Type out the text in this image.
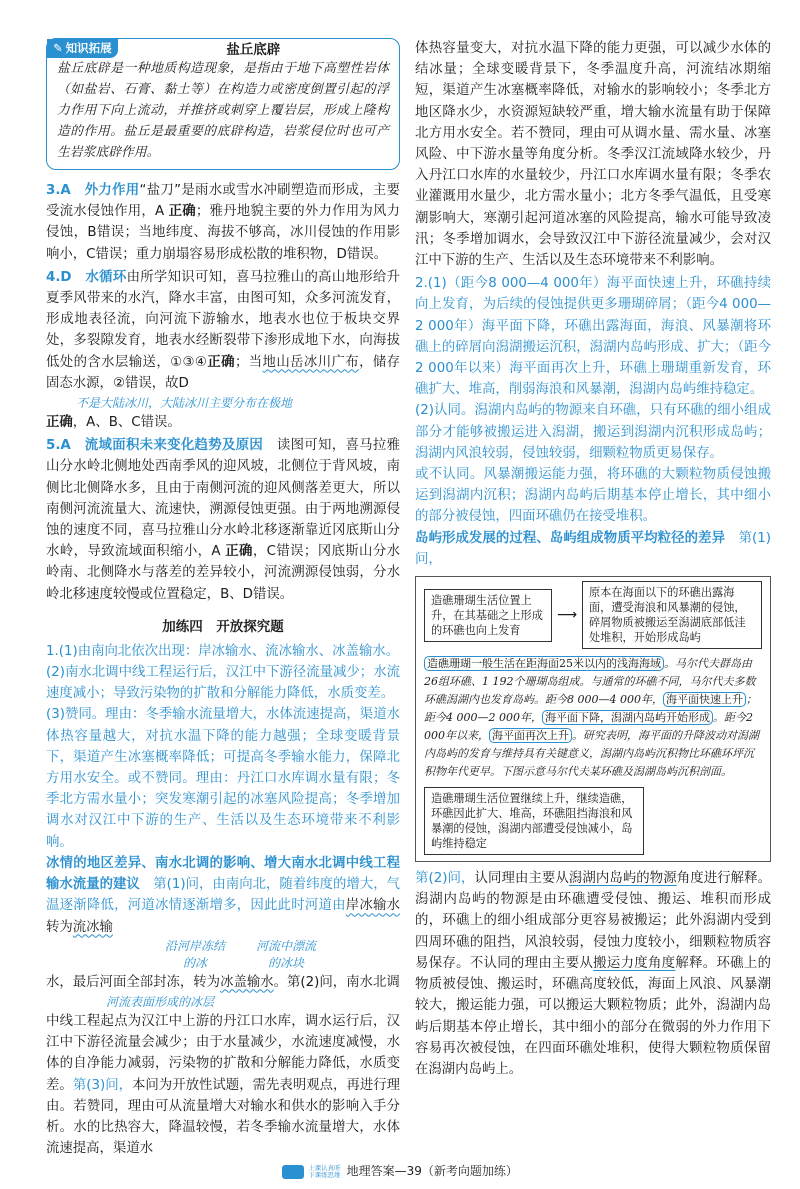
✎ 知识拓展	盐丘底辟

盐丘底辟是一种地质构造现象，是指由于地下高塑性岩体（如盐岩、石膏、黏土等）在构造力或密度倒置引起的浮力作用下向上流动，并推挤或刺穿上覆岩层，形成上隆构造的作用。盐丘是最重要的底辟构造，岩浆侵位时也可产生岩浆底辟作用。

3.A　外力作用“盐刀”是雨水或雪水冲刷塑造而形成，主要受流水侵蚀作用，A 正确；雅丹地貌主要的外力作用为风力侵蚀，B错误；当地纬度、海拔不够高，冰川侵蚀的作用影响小，C错误；重力崩塌容易形成松散的堆积物，D错误。

4.D　水循环由所学知识可知，喜马拉雅山的高山地形给升夏季风带来的水汽，降水丰富，由图可知，众多河流发育，形成地表径流，向河流下游输水，地表水也位于板块交界处，多裂隙发育，地表水经断裂带下渗形成地下水，向海拔低处的含水层输送，①③④正确；当地山岳冰川广布，储存固态水源，②错误，故D

不是大陆冰川，大陆冰川主要分布在极地

正确，A、B、C错误。

5.A　流域面积未来变化趋势及原因　 读图可知，喜马拉雅山分水岭北侧地处西南季风的迎风坡，北侧位于背风坡，南侧比北侧降水多，且由于南侧河流的迎风侧落差更大，所以南侧河流流量大、流速快，溯源侵蚀更强。由于两地溯源侵蚀的速度不同，喜马拉雅山分水岭北移逐渐靠近冈底斯山分水岭，导致流域面积缩小，A 正确，C错误；冈底斯山分水岭南、北侧降水与落差的差异较小，河流溯源侵蚀弱，分水岭北移速度较慢或位置稳定，B、D错误。

加练四　开放探究题

1.(1)由南向北依次出现：岸冰输水、流冰输水、冰盖输水。

(2)南水北调中线工程运行后，汉江中下游径流量减少；水流速度减小；导致污染物的扩散和分解能力降低，水质变差。

(3)赞同。理由：冬季输水流量增大，水体流速提高，渠道水体热容量越大，对抗水温下降的能力越强；全球变暖背景下，渠道产生冰塞概率降低；可提高冬季输水能力，保障北方用水安全。或不赞同。理由：丹江口水库调水量有限；冬季北方需水量小；突发寒潮引起的冰塞风险提高；冬季增加调水对汉江中下游的生产、生活以及生态环境带来不利影响。

冰情的地区差异、南水北调的影响、增大南水北调中线工程输水流量的建议　 第(1)问，由南向北，随着纬度的增大，气温逐渐降低，河道冰情逐渐增多，因此此时河道由岸冰输水转为流冰输

沿河岸冻结的冰
河流中漂流的冰块

水，最后河面全部封冻，转为冰盖输水。第(2)问，南水北调

河流表面形成的冰层

中线工程起点为汉江中上游的丹江口水库，调水运行后，汉江中下游径流量会减少；由于水量减少，水流速度减慢，水体的自净能力减弱，污染物的扩散和分解能力降低，水质变差。第(3)问，本问为开放性试题，需先表明观点，再进行理由。若赞同，理由可从流量增大对输水和供水的影响入手分析。水的比热容大，降温较慢，若冬季输水流量增大，水体流速提高，渠道水

体热容量变大，对抗水温下降的能力更强，可以减少水体的结冰量；全球变暖背景下，冬季温度升高，河流结冰期缩短，渠道产生冰塞概率降低，对输水的影响较小；冬季北方地区降水少，水资源短缺较严重，增大输水流量有助于保障北方用水安全。若不赞同，理由可从调水量、需水量、冰塞风险、中下游水量等角度分析。冬季汉江流域降水较少，丹入丹江口水库的水量较少，丹江口水库调水量有限；冬季农业灌溉用水量少，北方需水量小；北方冬季气温低，且受寒潮影响大，寒潮引起河道冰塞的风险提高，输水可能导致凌汛；冬季增加调水，会导致汉江中下游径流量减少，会对汉江中下游的生产、生活以及生态环境带来不利影响。

2.(1)（距今8 000—4 000年）海平面快速上升，环礁持续向上发育，为后续的侵蚀提供更多珊瑚碎屑；（距今4 000—2 000年）海平面下降，环礁出露海面，海浪、风暴潮将环礁上的碎屑向潟湖搬运沉积，潟湖内岛屿形成、扩大；（距今2 000年以来）海平面再次上升，环礁上珊瑚重新发育，环礁扩大、堆高，削弱海浪和风暴潮，潟湖内岛屿维持稳定。

(2)认同。潟湖内岛屿的物源来自环礁，只有环礁的细小组成部分才能够被搬运进入潟湖，搬运到潟湖内沉积形成岛屿；潟湖内风浪较弱，侵蚀较弱，细颗粒物质更易保存。

或不认同。风暴潮搬运能力强，将环礁的大颗粒物质侵蚀搬运到潟湖内沉积；潟湖内岛屿后期基本停止增长，其中细小的部分被侵蚀，四面环礁仍在接受堆积。

岛屿形成发展的过程、岛屿组成物质平均粒径的差异　 第(1)问，

造礁珊瑚生活位置上升，在其基础之上形成的环礁也向上发育
⟶
原本在海面以下的环礁出露海面，遭受海浪和风暴潮的侵蚀，碎屑物质被搬运至潟湖底部低洼处堆积，开始形成岛屿
造礁珊瑚一般生活在距海面25米以内的浅海海域 。马尔代夫群岛由26组环礁、1 192个珊瑚岛组成。与通常的环礁不同，马尔代夫多数环礁潟湖内也发育岛屿。距今8 000—4 000年， 海平面快速上升 ；距今4 000—2 000年， 海平面下降，潟湖内岛屿开始形成 。距今2 000年以来， 海平面再次上升 。研究表明，海平面的升降波动对潟湖内岛屿的发育与维持具有关键意义，潟湖内岛屿沉积物比环礁环坪沉积物年代更早。下图示意马尔代夫某环礁及潟湖岛屿沉积剖面。
造礁珊瑚生活位置继续上升，继续造礁，环礁因此扩大、堆高，环礁阻挡海浪和风暴潮的侵蚀，潟湖内部遭受侵蚀减小，岛屿维持稳定

第(2)问，认同理由主要从潟湖内岛屿的物源角度进行解释。潟湖内岛屿的物源是由环礁遭受侵蚀、搬运、堆积而形成的，环礁上的细小组成部分更容易被搬运；此外潟湖内受到四周环礁的阻挡，风浪较弱，侵蚀力度较小，细颗粒物质容易保存。不认同的理由主要从搬运力度角度解释。环礁上的物质被侵蚀、搬运时，环礁高度较低，海面上风浪、风暴潮较大，搬运能力强，可以搬运大颗粒物质；此外，潟湖内岛屿后期基本停止增长，其中细小的部分在微弱的外力作用下容易再次被侵蚀，在四面环礁处堆积，使得大颗粒物质保留在潟湖内岛屿上。

上课认真听
下课练思维 地理答案—39（新考向题加练）
